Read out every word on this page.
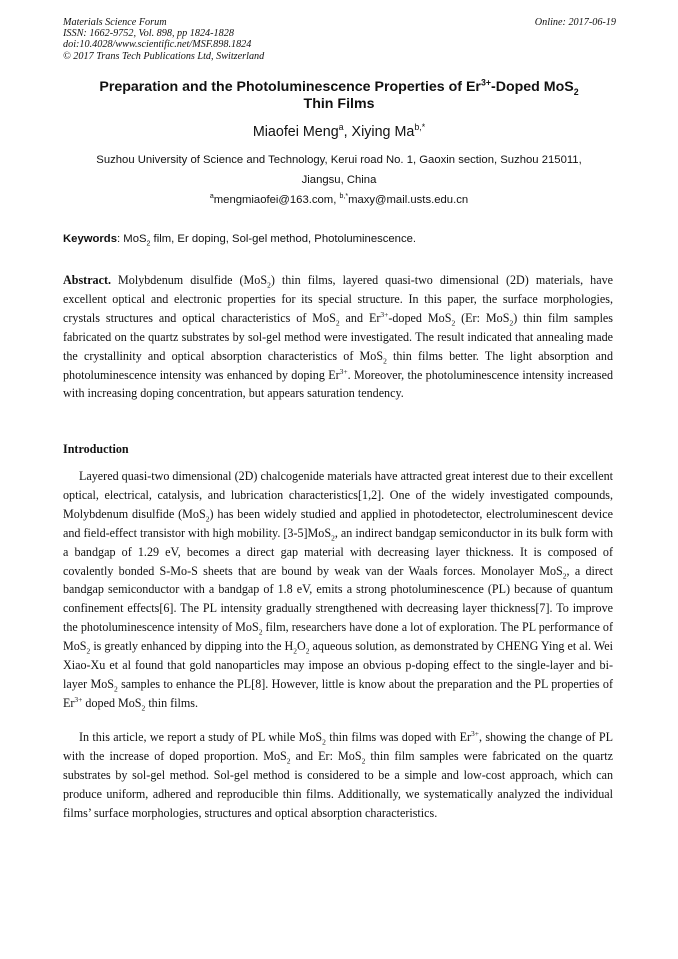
Materials Science Forum
ISSN: 1662-9752, Vol. 898, pp 1824-1828
doi:10.4028/www.scientific.net/MSF.898.1824
© 2017 Trans Tech Publications Ltd, Switzerland
Online: 2017-06-19
Preparation and the Photoluminescence Properties of $Er^{3+}$-Doped MoS$_2$
Thin Films
Miaofei Meng$^a$, Xiying $Ma^{b,*}$
Suzhou University of Science and Technology, Kerui road No. 1, Gaoxin section, Suzhou 215011,
Jiangsu, China
$^a$mengmiaofei@163.com, $^{b,*}$maxy@mail.usts.edu.cn
Keywords: MoS$_2$ film, Er doping, Sol-gel method, Photoluminescence.
Abstract. Molybdenum disulfide (MoS$_2$) thin films, layered quasi-two dimensional (2D) materials, have excellent optical and electronic properties for its special structure. In this paper, the surface morphologies, crystals structures and optical characteristics of MoS$_2$ and $Er^{3+}$-doped MoS$_2$ (Er: MoS$_2$) thin film samples fabricated on the quartz substrates by sol-gel method were investigated. The result indicated that annealing made the crystallinity and optical absorption characteristics of MoS$_2$ thin films better. The light absorption and photoluminescence intensity was enhanced by doping $Er^{3+}$. Moreover, the photoluminescence intensity increased with increasing doping concentration, but appears saturation tendency.
Introduction
Layered quasi-two dimensional (2D) chalcogenide materials have attracted great interest due to their excellent optical, electrical, catalysis, and lubrication characteristics[1,2]. One of the widely investigated compounds, Molybdenum disulfide (MoS$_2$) has been widely studied and applied in photodetector, electroluminescent device and field-effect transistor with high mobility. [3-5]MoS$_2$, an indirect bandgap semiconductor in its bulk form with a bandgap of 1.29 eV, becomes a direct gap material with decreasing layer thickness. It is composed of covalently bonded S-Mo-S sheets that are bound by weak van der Waals forces. Monolayer MoS$_2$, a direct bandgap semiconductor with a bandgap of 1.8 eV, emits a strong photoluminescence (PL) because of quantum confinement effects[6]. The PL intensity gradually strengthened with decreasing layer thickness[7]. To improve the photoluminescence intensity of MoS$_2$ film, researchers have done a lot of exploration. The PL performance of MoS$_2$ is greatly enhanced by dipping into the $H_2O_2$ aqueous solution, as demonstrated by CHENG Ying et al. Wei Xiao-Xu et al found that gold nanoparticles may impose an obvious p-doping effect to the single-layer and bi-layer MoS$_2$ samples to enhance the PL[8]. However, little is know about the preparation and the PL properties of $Er^{3+}$ doped MoS$_2$ thin films.
In this article, we report a study of PL while MoS$_2$ thin films was doped with $Er^{3+}$, showing the change of PL with the increase of doped proportion. MoS$_2$ and Er: MoS$_2$ thin film samples were fabricated on the quartz substrates by sol-gel method. Sol-gel method is considered to be a simple and low-cost approach, which can produce uniform, adhered and reproducible thin films. Additionally, we systematically analyzed the individual films’ surface morphologies, structures and optical absorption characteristics.
